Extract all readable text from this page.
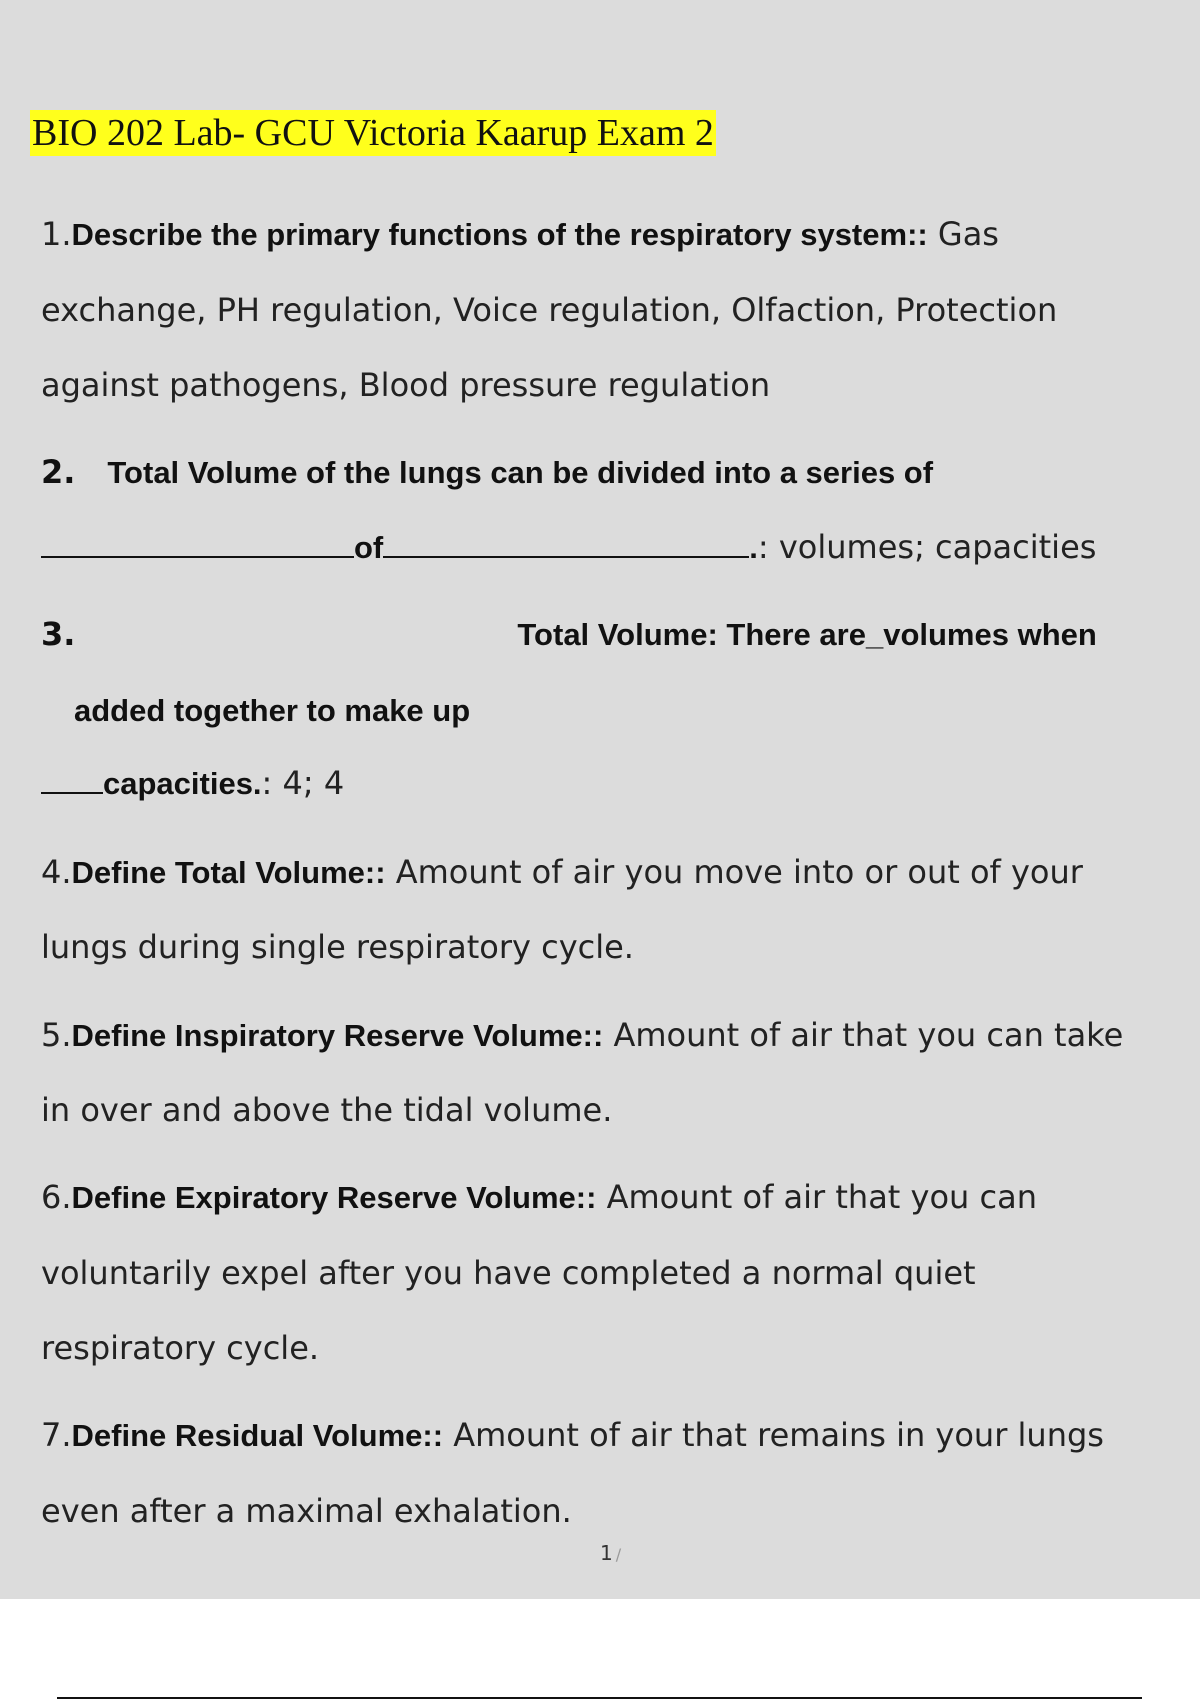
BIO 202 Lab- GCU Victoria Kaarup Exam 2
1.Describe the primary functions of the respiratory system:: Gas
exchange, PH regulation, Voice regulation, Olfaction, Protection
against pathogens, Blood pressure regulation
2. Total Volume of the lungs can be divided into a series of
of	.: volumes; capacities
3.	Total Volume: There are_volumes when
added together to make up
capacities.: 4; 4
4.Define Total Volume:: Amount of air you move into or out of your
lungs during single respiratory cycle.
5.Define Inspiratory Reserve Volume:: Amount of air that you can take
in over and above the tidal volume.
6.Define Expiratory Reserve Volume:: Amount of air that you can
voluntarily expel after you have completed a normal quiet
respiratory cycle.
7.Define Residual Volume:: Amount of air that remains in your lungs
even after a maximal exhalation.
1 /
